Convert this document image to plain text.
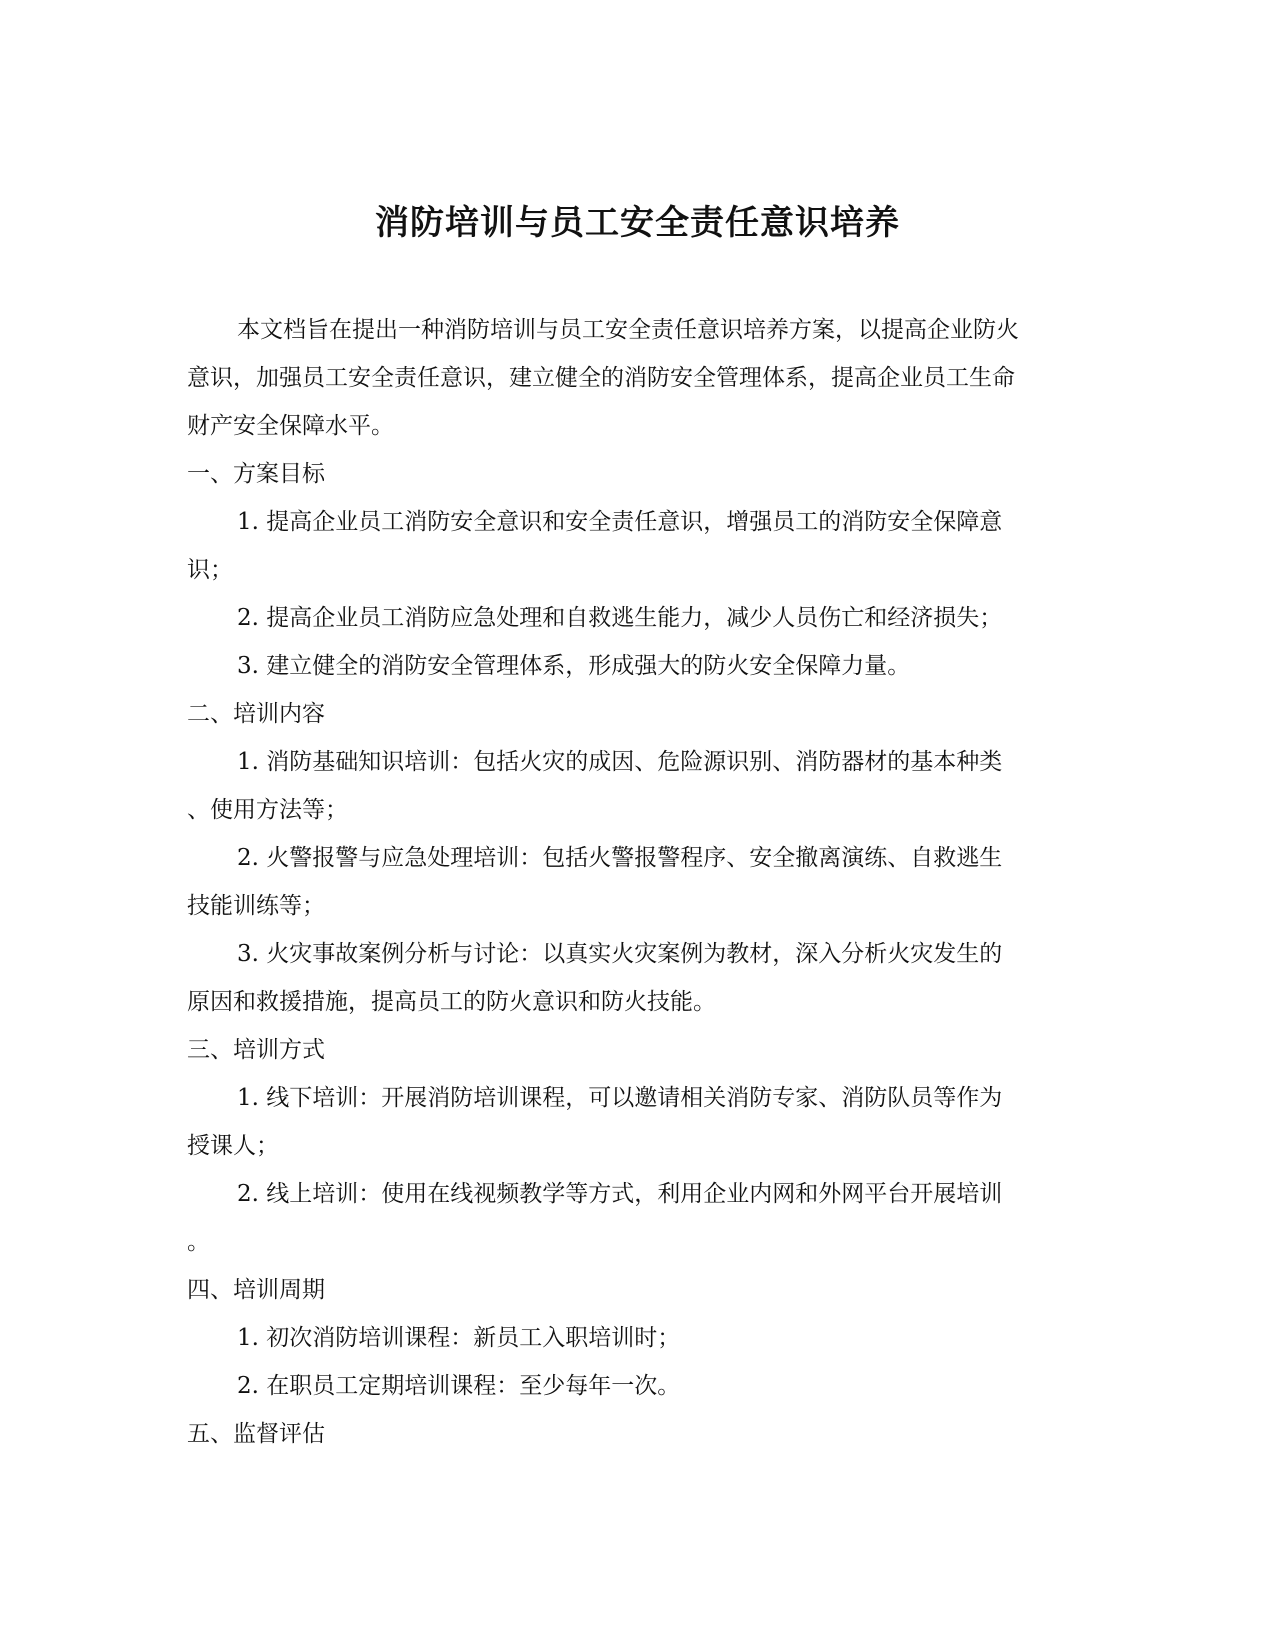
消防培训与员工安全责任意识培养
本文档旨在提出一种消防培训与员工安全责任意识培养方案，以提高企业防火
意识，加强员工安全责任意识，建立健全的消防安全管理体系，提高企业员工生命
财产安全保障水平。
一、方案目标
1. 提高企业员工消防安全意识和安全责任意识，增强员工的消防安全保障意
识；
2. 提高企业员工消防应急处理和自救逃生能力，减少人员伤亡和经济损失；
3. 建立健全的消防安全管理体系，形成强大的防火安全保障力量。
二、培训内容
1. 消防基础知识培训：包括火灾的成因、危险源识别、消防器材的基本种类
、使用方法等；
2. 火警报警与应急处理培训：包括火警报警程序、安全撤离演练、自救逃生
技能训练等；
3. 火灾事故案例分析与讨论：以真实火灾案例为教材，深入分析火灾发生的
原因和救援措施，提高员工的防火意识和防火技能。
三、培训方式
1. 线下培训：开展消防培训课程，可以邀请相关消防专家、消防队员等作为
授课人；
2. 线上培训：使用在线视频教学等方式，利用企业内网和外网平台开展培训
。
四、培训周期
1. 初次消防培训课程：新员工入职培训时；
2. 在职员工定期培训课程：至少每年一次。
五、监督评估
